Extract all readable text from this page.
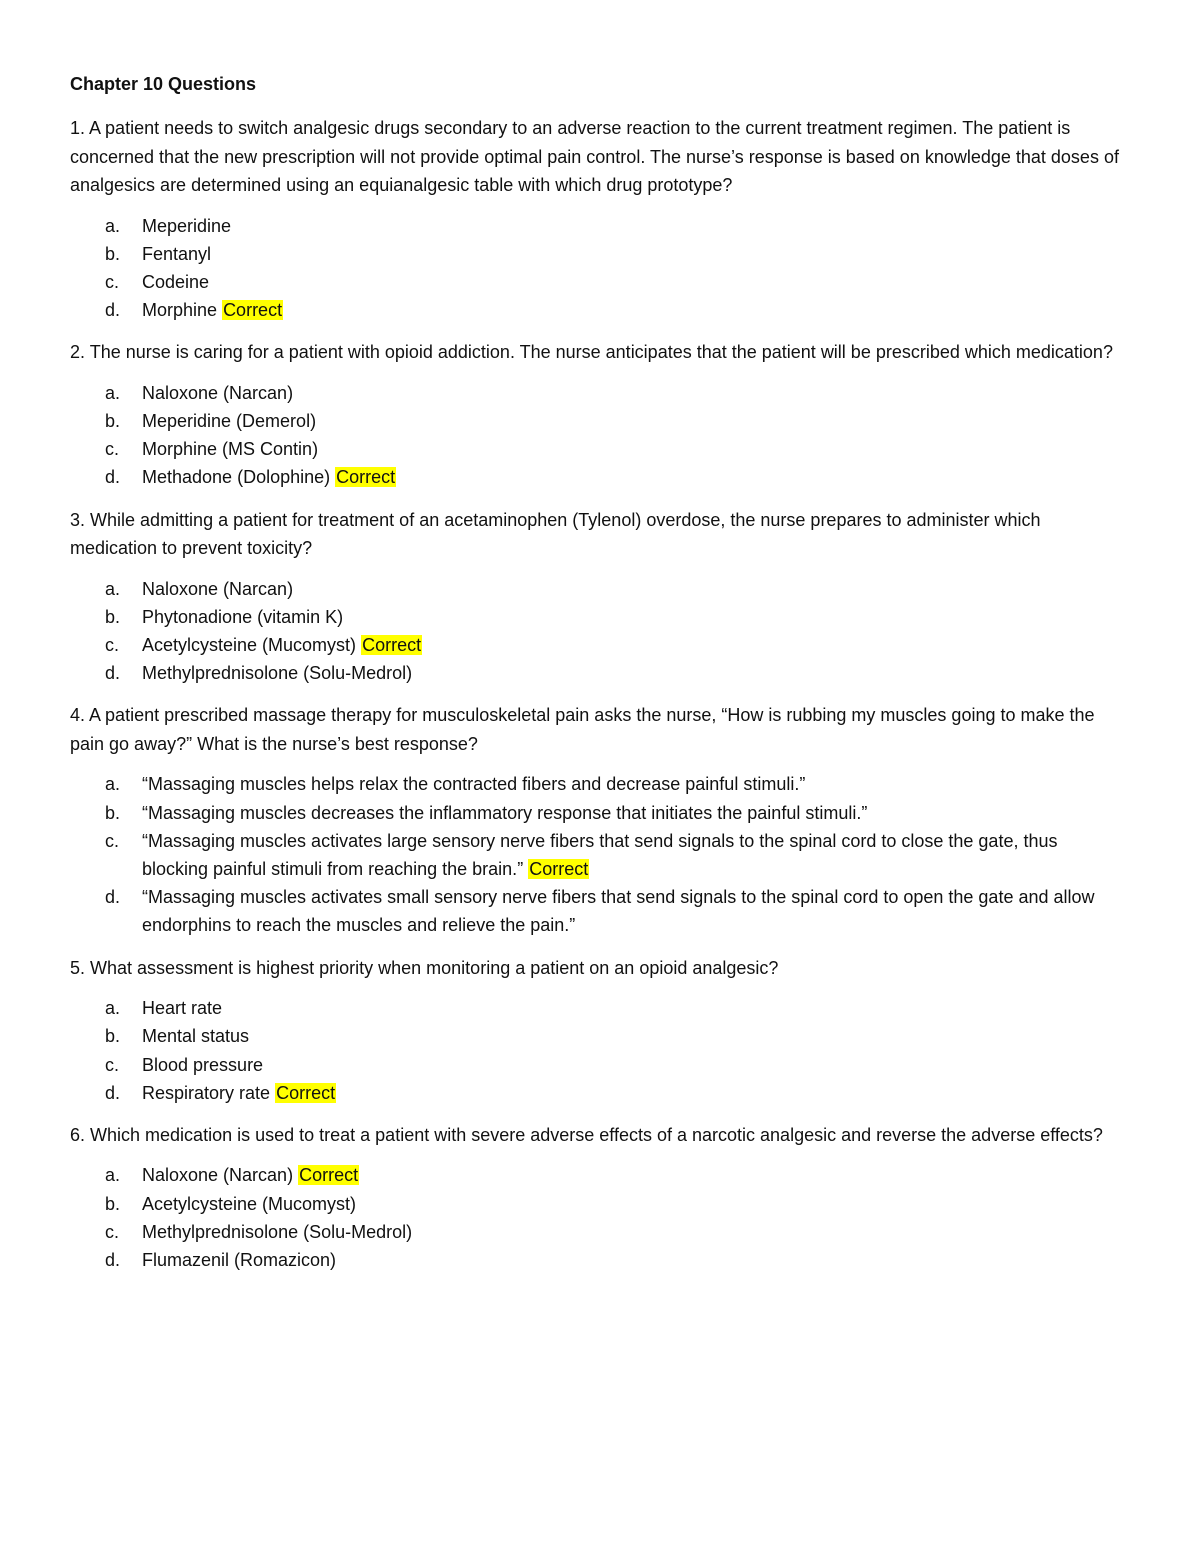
Chapter 10 Questions

1. A patient needs to switch analgesic drugs secondary to an adverse reaction to the current treatment regimen. The patient is concerned that the new prescription will not provide optimal pain control. The nurse’s response is based on knowledge that doses of analgesics are determined using an equianalgesic table with which drug prototype?

a.	Meperidine
b.	Fentanyl
c.	Codeine
d.	Morphine Correct

2. The nurse is caring for a patient with opioid addiction. The nurse anticipates that the patient will be prescribed which medication?

a.	Naloxone (Narcan)
b.	Meperidine (Demerol)
c.	Morphine (MS Contin)
d.	Methadone (Dolophine) Correct

3. While admitting a patient for treatment of an acetaminophen (Tylenol) overdose, the nurse prepares to administer which medication to prevent toxicity?

a.	Naloxone (Narcan)
b.	Phytonadione (vitamin K)
c.	Acetylcysteine (Mucomyst) Correct
d.	Methylprednisolone (Solu-Medrol)

4. A patient prescribed massage therapy for musculoskeletal pain asks the nurse, “How is rubbing my muscles going to make the pain go away?” What is the nurse’s best response?

a.	“Massaging muscles helps relax the contracted fibers and decrease painful stimuli.”
b.	“Massaging muscles decreases the inflammatory response that initiates the painful stimuli.”
c.	“Massaging muscles activates large sensory nerve fibers that send signals to the spinal cord to close the gate, thus blocking painful stimuli from reaching the brain.” Correct
d.	“Massaging muscles activates small sensory nerve fibers that send signals to the spinal cord to open the gate and allow endorphins to reach the muscles and relieve the pain.”

5. What assessment is highest priority when monitoring a patient on an opioid analgesic?

a.	Heart rate
b.	Mental status
c.	Blood pressure
d.	Respiratory rate Correct

6. Which medication is used to treat a patient with severe adverse effects of a narcotic analgesic and reverse the adverse effects?

a.	Naloxone (Narcan) Correct
b.	Acetylcysteine (Mucomyst)
c.	Methylprednisolone (Solu-Medrol)
d.	Flumazenil (Romazicon)
